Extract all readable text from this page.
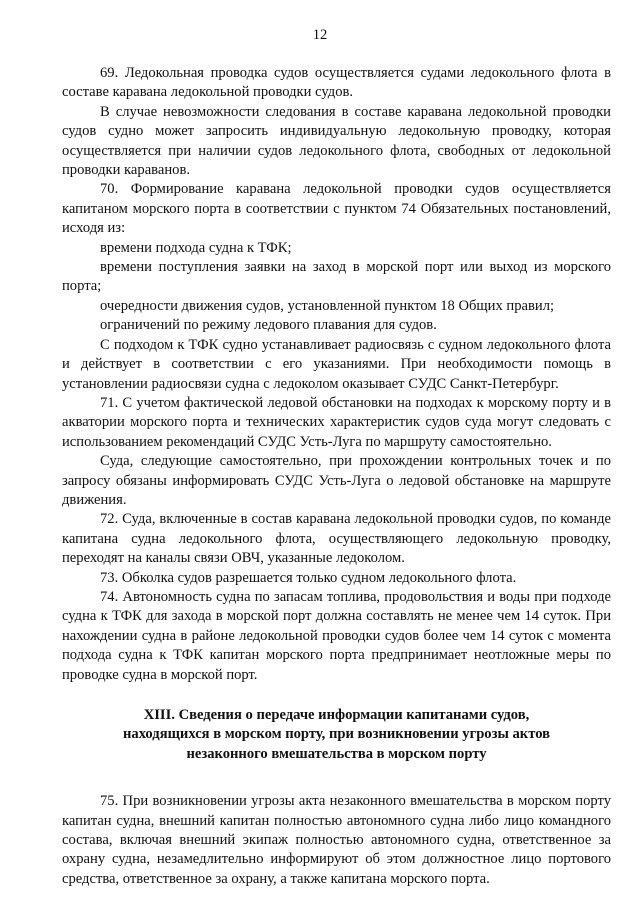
12

69. Ледокольная проводка судов осуществляется судами ледокольного флота в составе каравана ледокольной проводки судов.

В случае невозможности следования в составе каравана ледокольной проводки судов судно может запросить индивидуальную ледокольную проводку, которая осуществляется при наличии судов ледокольного флота, свободных от ледокольной проводки караванов.

70. Формирование каравана ледокольной проводки судов осуществляется капитаном морского порта в соответствии с пунктом 74 Обязательных постановлений, исходя из:

времени подхода судна к ТФК;

времени поступления заявки на заход в морской порт или выход из морского порта;

очередности движения судов, установленной пунктом 18 Общих правил;

ограничений по режиму ледового плавания для судов.

С подходом к ТФК судно устанавливает радиосвязь с судном ледокольного флота и действует в соответствии с его указаниями. При необходимости помощь в установлении радиосвязи судна с ледоколом оказывает СУДС Санкт-Петербург.

71. С учетом фактической ледовой обстановки на подходах к морскому порту и в акватории морского порта и технических характеристик судов суда могут следовать с использованием рекомендаций СУДС Усть-Луга по маршруту самостоятельно.

Суда, следующие самостоятельно, при прохождении контрольных точек и по запросу обязаны информировать СУДС Усть-Луга о ледовой обстановке на маршруте движения.

72. Суда, включенные в состав каравана ледокольной проводки судов, по команде капитана судна ледокольного флота, осуществляющего ледокольную проводку, переходят на каналы связи ОВЧ, указанные ледоколом.

73. Обколка судов разрешается только судном ледокольного флота.

74. Автономность судна по запасам топлива, продовольствия и воды при подходе судна к ТФК для захода в морской порт должна составлять не менее чем 14 суток. При нахождении судна в районе ледокольной проводки судов более чем 14 суток с момента подхода судна к ТФК капитан морского порта предпринимает неотложные меры по проводке судна в морской порт.

XIII. Сведения о передаче информации капитанами судов,
находящихся в морском порту, при возникновении угрозы актов
незаконного вмешательства в морском порту

75. При возникновении угрозы акта незаконного вмешательства в морском порту капитан судна, внешний капитан полностью автономного судна либо лицо командного состава, включая внешний экипаж полностью автономного судна, ответственное за охрану судна, незамедлительно информируют об этом должностное лицо портового средства, ответственное за охрану, а также капитана морского порта.
